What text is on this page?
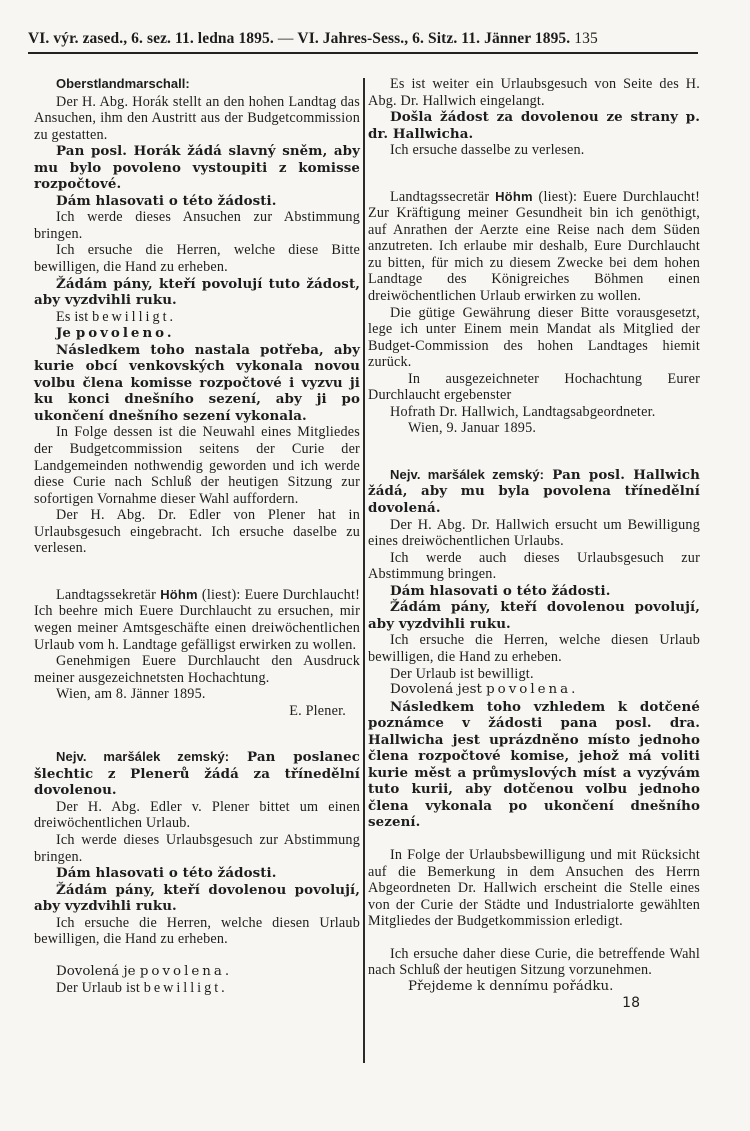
VI. výr. zased., 6. sez. 11. ledna 1895. — VI. Jahres-Sess., 6. Sitz. 11. Jänner 1895. 135

Oberstlandmarschall:

Der H. Abg. Horák stellt an den hohen Landtag das Ansuchen, ihm den Austritt aus der Budgetcommission zu gestatten.

Pan posl. Horák žádá slavný sněm, aby mu bylo povoleno vystoupiti z komisse rozpočtové.

Dám hlasovati o této žádosti.

Ich werde dieses Ansuchen zur Abstimmung bringen.

Ich ersuche die Herren, welche diese Bitte bewilligen, die Hand zu erheben.

Žádám pány, kteří povolují tuto žádost, aby vyzdvihli ruku.

Es ist bewilligt.

Je povoleno.

Následkem toho nastala potřeba, aby kurie obcí venkovských vykonala novou volbu člena komisse rozpočtové i vyzvu ji ku konci dnešního sezení, aby ji po ukončení dnešního sezení vykonala.

In Folge dessen ist die Neuwahl eines Mitgliedes der Budgetcommission seitens der Curie der Landgemeinden nothwendig geworden und ich werde diese Curie nach Schluß der heutigen Sitzung zur sofortigen Vornahme dieser Wahl auffordern.

Der H. Abg. Dr. Edler von Plener hat in Urlaubsgesuch eingebracht. Ich ersuche daselbe zu verlesen.

Landtagssekretär Höhm (liest): Euere Durchlaucht! Ich beehre mich Euere Durchlaucht zu ersuchen, mir wegen meiner Amtsgeschäfte einen dreiwöchentlichen Urlaub vom h. Landtage gefälligst erwirken zu wollen.

Genehmigen Euere Durchlaucht den Ausdruck meiner ausgezeichnetsten Hochachtung.

Wien, am 8. Jänner 1895.

E. Plener.

Nejv. maršálek zemský: Pan poslanec šlechtic z Plenerů žádá za třínedělní dovolenou.

Der H. Abg. Edler v. Plener bittet um einen dreiwöchentlichen Urlaub.

Ich werde dieses Urlaubsgesuch zur Abstimmung bringen.

Dám hlasovati o této žádosti.

Žádám pány, kteří dovolenou povolují, aby vyzdvihli ruku.

Ich ersuche die Herren, welche diesen Urlaub bewilligen, die Hand zu erheben.

Dovolená je povolena.

Der Urlaub ist bewilligt.

Es ist weiter ein Urlaubsgesuch von Seite des H. Abg. Dr. Hallwich eingelangt.

Došla žádost za dovolenou ze strany p. dr. Hallwicha.

Ich ersuche dasselbe zu verlesen.

Landtagssecretär Höhm (liest): Euere Durchlaucht! Zur Kräftigung meiner Gesundheit bin ich genöthigt, auf Anrathen der Aerzte eine Reise nach dem Süden anzutreten. Ich erlaube mir deshalb, Eure Durchlaucht zu bitten, für mich zu diesem Zwecke bei dem hohen Landtage des Königreiches Böhmen einen dreiwöchentlichen Urlaub erwirken zu wollen.

Die gütige Gewährung dieser Bitte vorausgesetzt, lege ich unter Einem mein Mandat als Mitglied der Budget-Commission des hohen Landtages hiemit zurück.

In ausgezeichneter Hochachtung Eurer Durchlaucht ergebenster

Hofrath Dr. Hallwich, Landtagsabgeordneter.

Wien, 9. Januar 1895.

Nejv. maršálek zemský: Pan posl. Hallwich žádá, aby mu byla povolena třínedělní dovolená.

Der H. Abg. Dr. Hallwich ersucht um Bewilligung eines dreiwöchentlichen Urlaubs.

Ich werde auch dieses Urlaubsgesuch zur Abstimmung bringen.

Dám hlasovati o této žádosti.

Žádám pány, kteří dovolenou povolují, aby vyzdvihli ruku.

Ich ersuche die Herren, welche diesen Urlaub bewilligen, die Hand zu erheben.

Der Urlaub ist bewilligt.

Dovolená jest povolena.

Následkem toho vzhledem k dotčené poznámce v žádosti pana posl. dra. Hallwicha jest uprázdněno místo jednoho člena rozpočtové komise, jehož má voliti kurie měst a průmyslových míst a vyzývám tuto kurii, aby dotčenou volbu jednoho člena vykonala po ukončení dnešního sezení.

In Folge der Urlaubsbewilligung und mit Rücksicht auf die Bemerkung in dem Ansuchen des Herrn Abgeordneten Dr. Hallwich erscheint die Stelle eines von der Curie der Städte und Industrialorte gewählten Mitgliedes der Budgetkommission erledigt.

Ich ersuche daher diese Curie, die betreffende Wahl nach Schluß der heutigen Sitzung vorzunehmen.

Přejdeme k dennímu pořádku.

18
